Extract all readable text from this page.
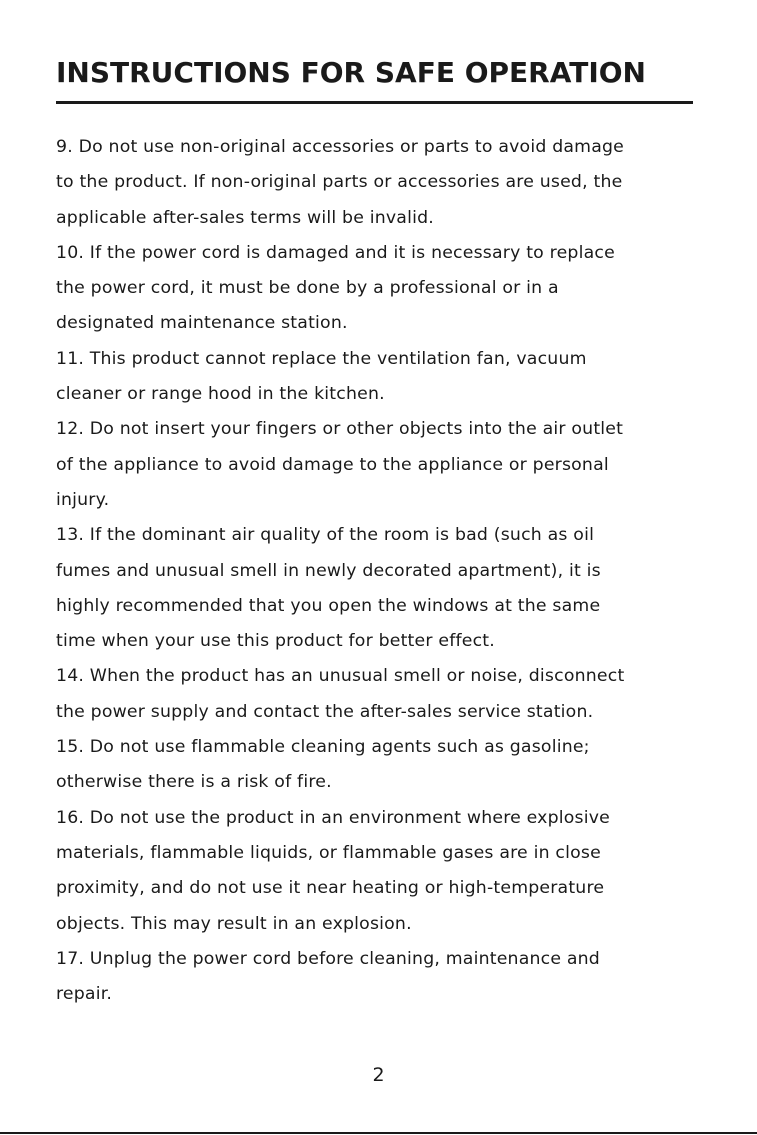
INSTRUCTIONS FOR SAFE OPERATION
9. Do not use non-original accessories or parts to avoid damage
to the product. If non-original parts or accessories are used, the
applicable after-sales terms will be invalid.
10. If the power cord is damaged and it is necessary to replace
the power cord, it must be done by a professional or in a
designated maintenance station.
11. This product cannot replace the ventilation fan, vacuum
cleaner or range hood in the kitchen.
12. Do not insert your fingers or other objects into the air outlet
of the appliance to avoid damage to the appliance or personal
injury.
13. If the dominant air quality of the room is bad (such as oil
fumes and unusual smell in newly decorated apartment), it is
highly recommended that you open the windows at the same
time when your use this product for better effect.
14. When the product has an unusual smell or noise, disconnect
the power supply and contact the after-sales service station.
15. Do not use flammable cleaning agents such as gasoline;
otherwise there is a risk of fire.
16. Do not use the product in an environment where explosive
materials, flammable liquids, or flammable gases are in close
proximity, and do not use it near heating or high-temperature
objects. This may result in an explosion.
17. Unplug the power cord before cleaning, maintenance and
repair.
2
